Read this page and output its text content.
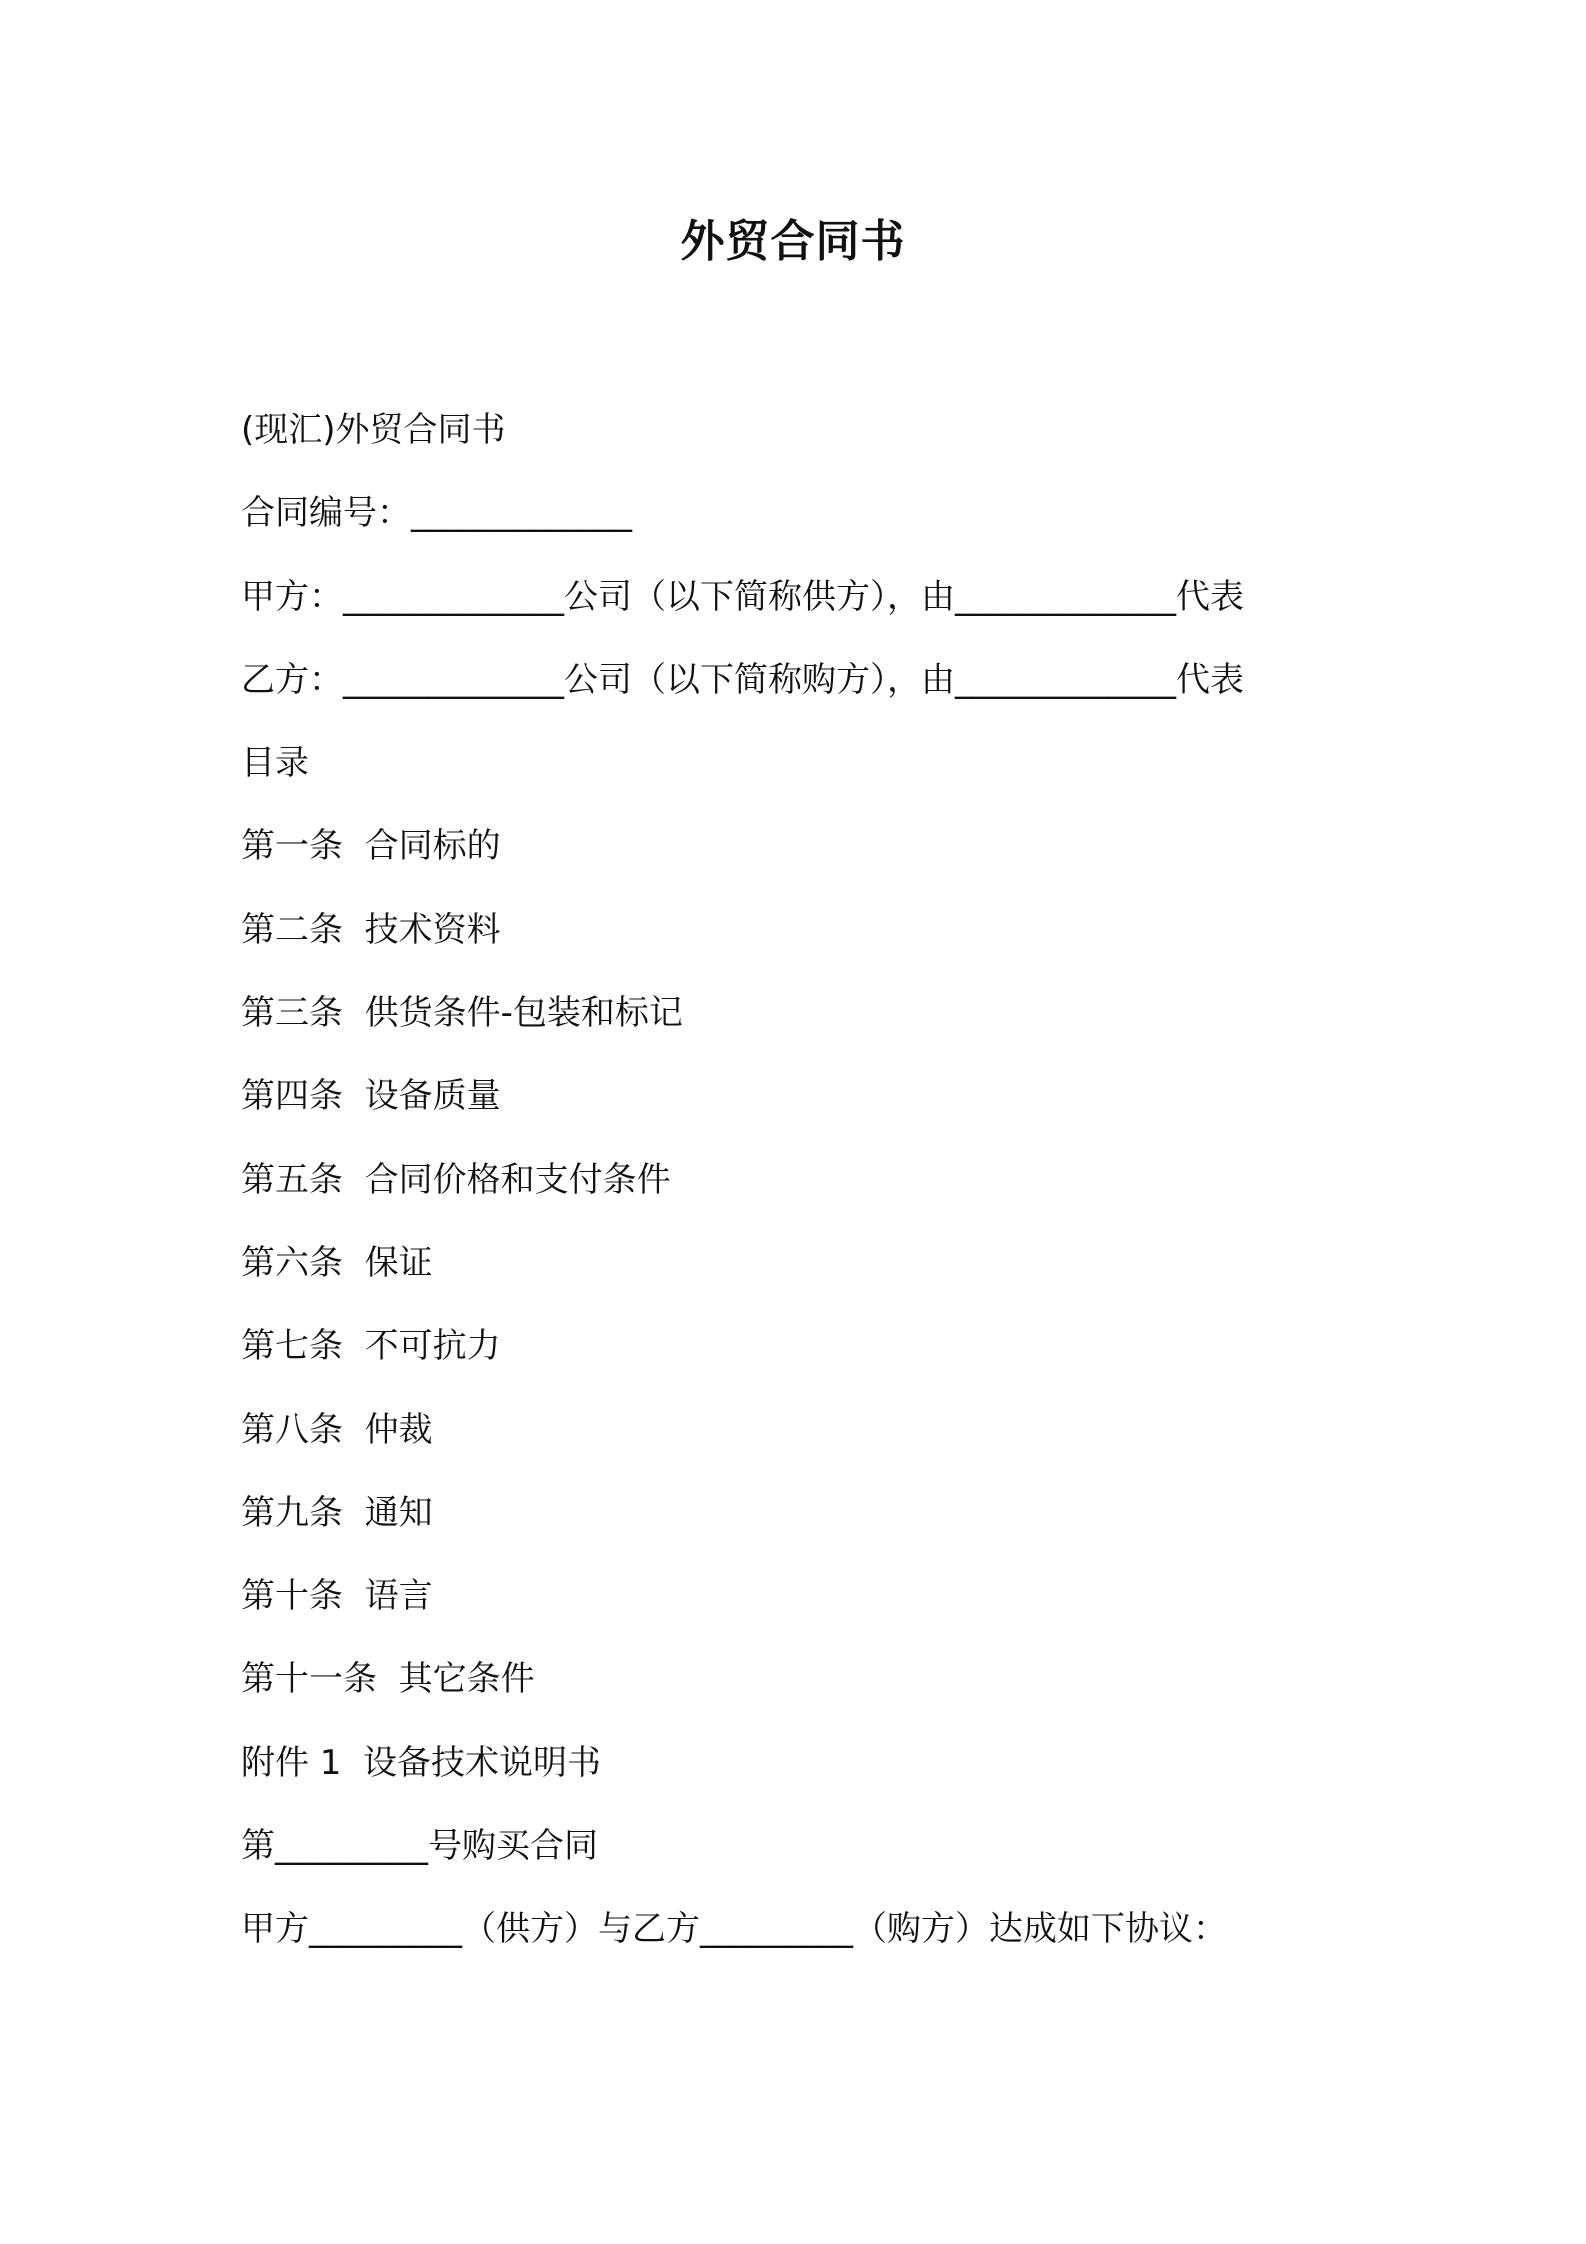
外贸合同书

(现汇)外贸合同书

合同编号：_____________

甲方：_____________公司（以下简称供方），由_____________代表

乙方：_____________公司（以下简称购方），由_____________代表

目录

第一条  合同标的

第二条  技术资料

第三条  供货条件-包装和标记

第四条  设备质量

第五条  合同价格和支付条件

第六条  保证

第七条  不可抗力

第八条  仲裁

第九条  通知

第十条  语言

第十一条  其它条件

附件 1  设备技术说明书

第_________号购买合同

甲方_________（供方）与乙方_________（购方）达成如下协议：
